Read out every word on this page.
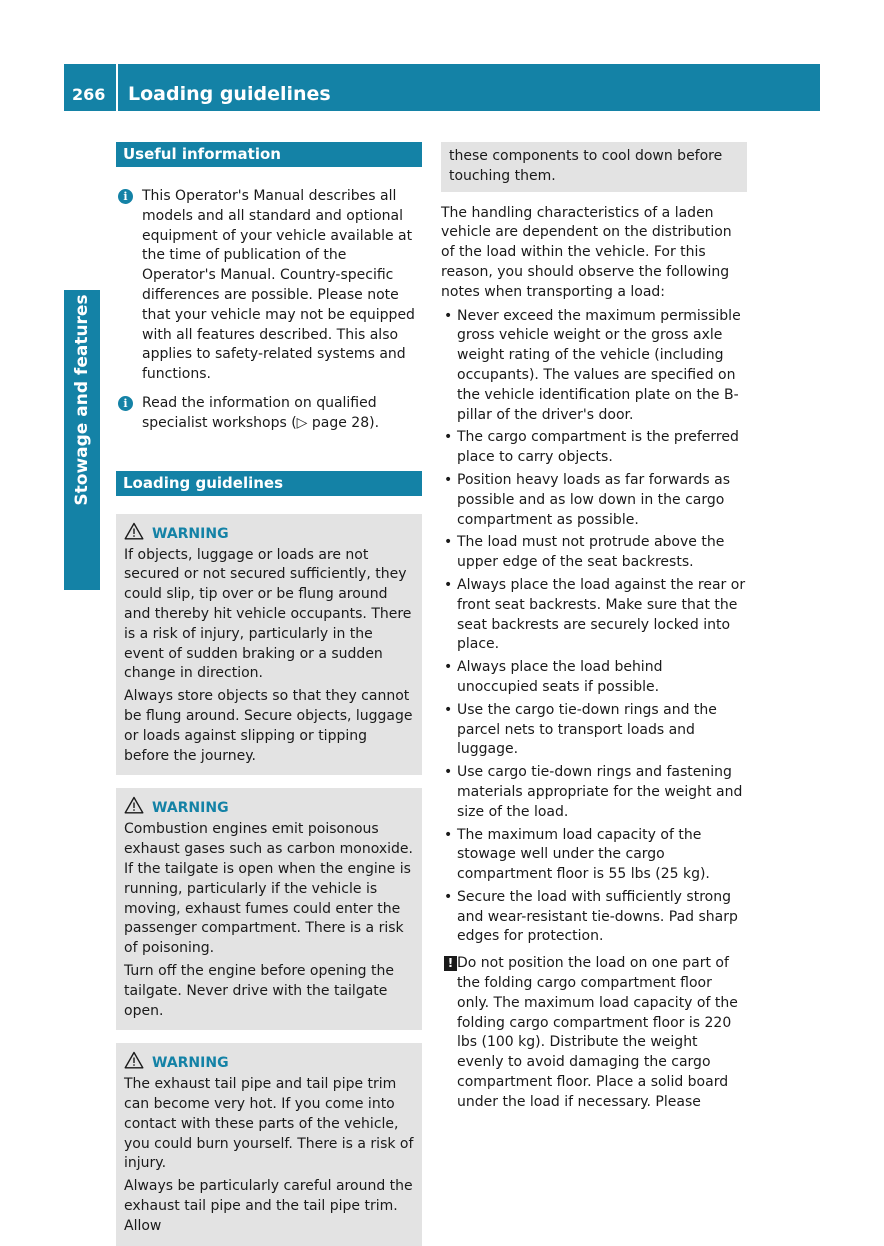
266 Loading guidelines
Stowage and features
Useful information
i	This Operator's Manual describes all models and all standard and optional equipment of your vehicle available at the time of publication of the Operator's Manual. Country-specific differences are possible. Please note that your vehicle may not be equipped with all features described. This also applies to safety-related systems and functions.
i	Read the information on qualified specialist workshops (▷ page 28).
Loading guidelines
WARNING
If objects, luggage or loads are not secured or not secured sufficiently, they could slip, tip over or be flung around and thereby hit vehicle occupants. There is a risk of injury, particularly in the event of sudden braking or a sudden change in direction.
Always store objects so that they cannot be flung around. Secure objects, luggage or loads against slipping or tipping before the journey.
WARNING
Combustion engines emit poisonous exhaust gases such as carbon monoxide. If the tailgate is open when the engine is running, particularly if the vehicle is moving, exhaust fumes could enter the passenger compartment. There is a risk of poisoning.
Turn off the engine before opening the tailgate. Never drive with the tailgate open.
WARNING
The exhaust tail pipe and tail pipe trim can become very hot. If you come into contact with these parts of the vehicle, you could burn yourself. There is a risk of injury.
Always be particularly careful around the exhaust tail pipe and the tail pipe trim. Allow
these components to cool down before touching them.
The handling characteristics of a laden vehicle are dependent on the distribution of the load within the vehicle. For this reason, you should observe the following notes when transporting a load:
• Never exceed the maximum permissible gross vehicle weight or the gross axle weight rating of the vehicle (including occupants). The values are specified on the vehicle identification plate on the B-pillar of the driver's door.
• The cargo compartment is the preferred place to carry objects.
• Position heavy loads as far forwards as possible and as low down in the cargo compartment as possible.
• The load must not protrude above the upper edge of the seat backrests.
• Always place the load against the rear or front seat backrests. Make sure that the seat backrests are securely locked into place.
• Always place the load behind unoccupied seats if possible.
• Use the cargo tie-down rings and the parcel nets to transport loads and luggage.
• Use cargo tie-down rings and fastening materials appropriate for the weight and size of the load.
• The maximum load capacity of the stowage well under the cargo compartment floor is 55 lbs (25 kg).
• Secure the load with sufficiently strong and wear-resistant tie-downs. Pad sharp edges for protection.
! Do not position the load on one part of the folding cargo compartment floor only. The maximum load capacity of the folding cargo compartment floor is 220 lbs (100 kg). Distribute the weight evenly to avoid damaging the cargo compartment floor. Place a solid board under the load if necessary. Please
